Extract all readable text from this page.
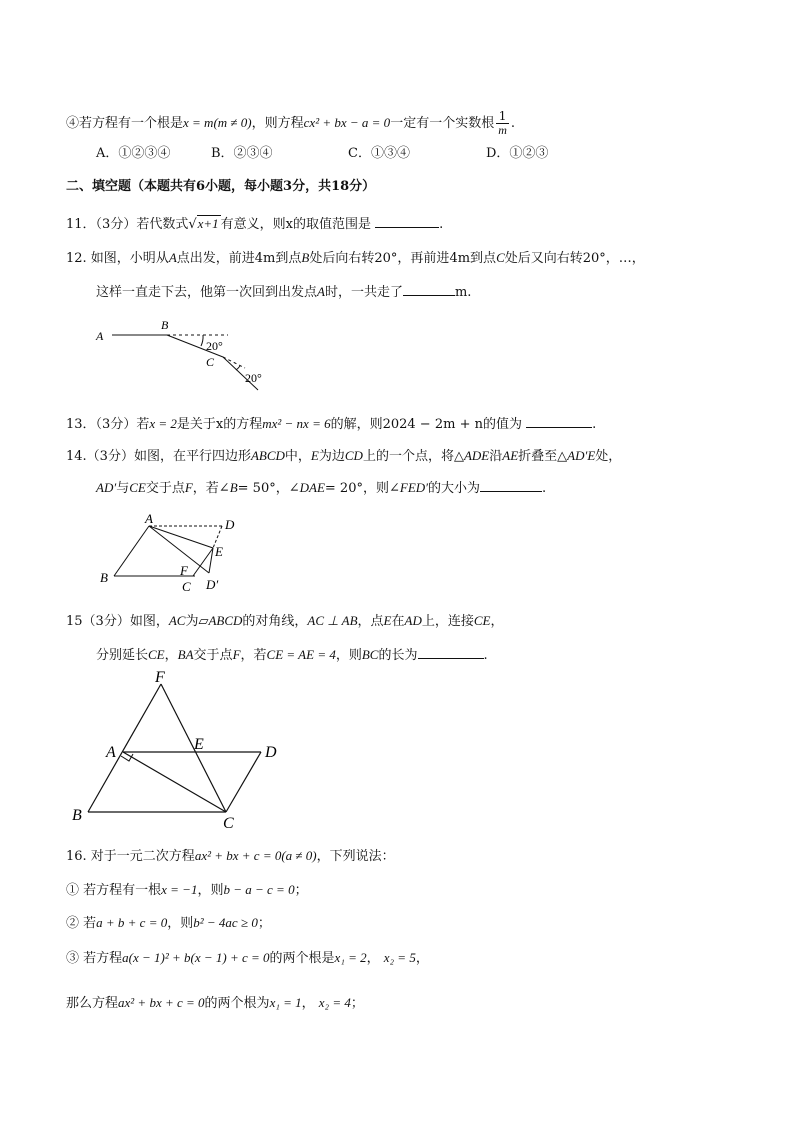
④若方程有一个根是x = m(m ≠ 0)，则方程cx² + bx − a = 0一定有一个实数根 $\frac{1}{m}$ .
A．①②③④	B．②③④	C．①③④	D．①②③
二、填空题（本题共有6小题，每小题3分，共18分）
11．（3分）若代数式√x+1 有意义，则x的取值范围是	.
12. 如图，小明从A点出发，前进4m到点B处后向右转20°，再前进4m到点C处后又向右转20°，…，
这样一直走下去，他第一次回到出发点A时，一共走了	m.
A
B
C
20°
20°
13．（3分）若x = 2是关于x的方程mx² − nx = 6的解，则2024 − 2m + n的值为	.
14.（3分）如图，在平行四边形ABCD中，E为边CD上的一个点，将△ADE沿AE折叠至△AD′E处，
AD′与CE交于点F，若∠B= 50°，∠DAE= 20°，则∠FED′的大小为	.
A	D
E
F
B
C D′
15（3分）如图，AC为▱ABCD的对角线，AC ⊥ AB，点E在AD上，连接CE，
分别延长CE，BA交于点F，若CE = AE = 4，则BC的长为	.
F
A	E	D
B	C
16. 对于一元二次方程ax² + bx + c = 0(a ≠ 0)，下列说法：
① 若方程有一根x = −1，则b − a − c = 0；
② 若a + b + c = 0，则b² − 4ac ≥ 0；
③ 若方程a(x − 1)² + b(x − 1) + c = 0的两个根是x₁ = 2， x₂ = 5，
那么方程ax² + bx + c = 0的两个根为x₁ = 1， x₂ = 4；
